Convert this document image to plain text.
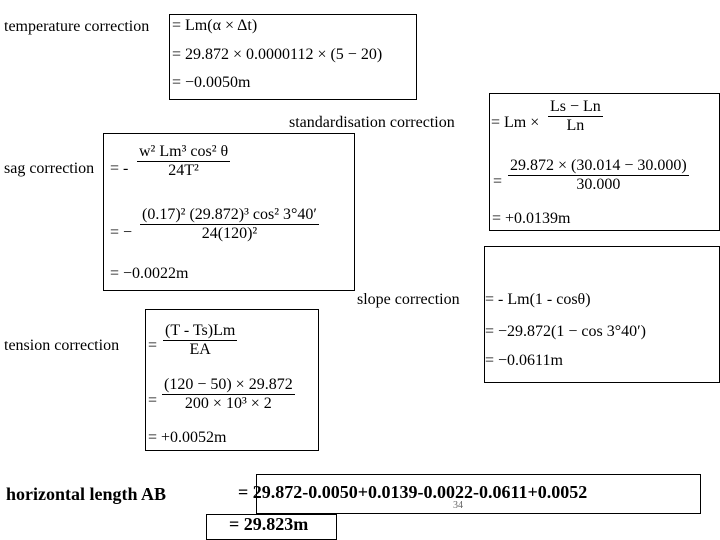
temperature correction = Lm(α × Δt)
= 29.872 × 0.0000112 × (5 − 20)
= −0.0050m
standardisation correction = Lm ×
Ls − Ln
Ln
=
29.872 × (30.014 − 30.000)
30.000
= +0.0139m
sag correction = -
w² Lm³ cos² θ
24T²
= −
(0.17)² (29.872)³ cos² 3°40′
24(120)²
= −0.0022m
slope correction = - Lm(1 - cosθ)
= −29.872(1 − cos 3°40′)
= −0.0611m
tension correction =
(T - Ts)Lm
EA
=
(120 − 50) × 29.872
200 × 10³ × 2
= +0.0052m
horizontal length AB	= 29.872-0.0050+0.0139-0.0022-0.0611+0.0052
= 29.823m
34
